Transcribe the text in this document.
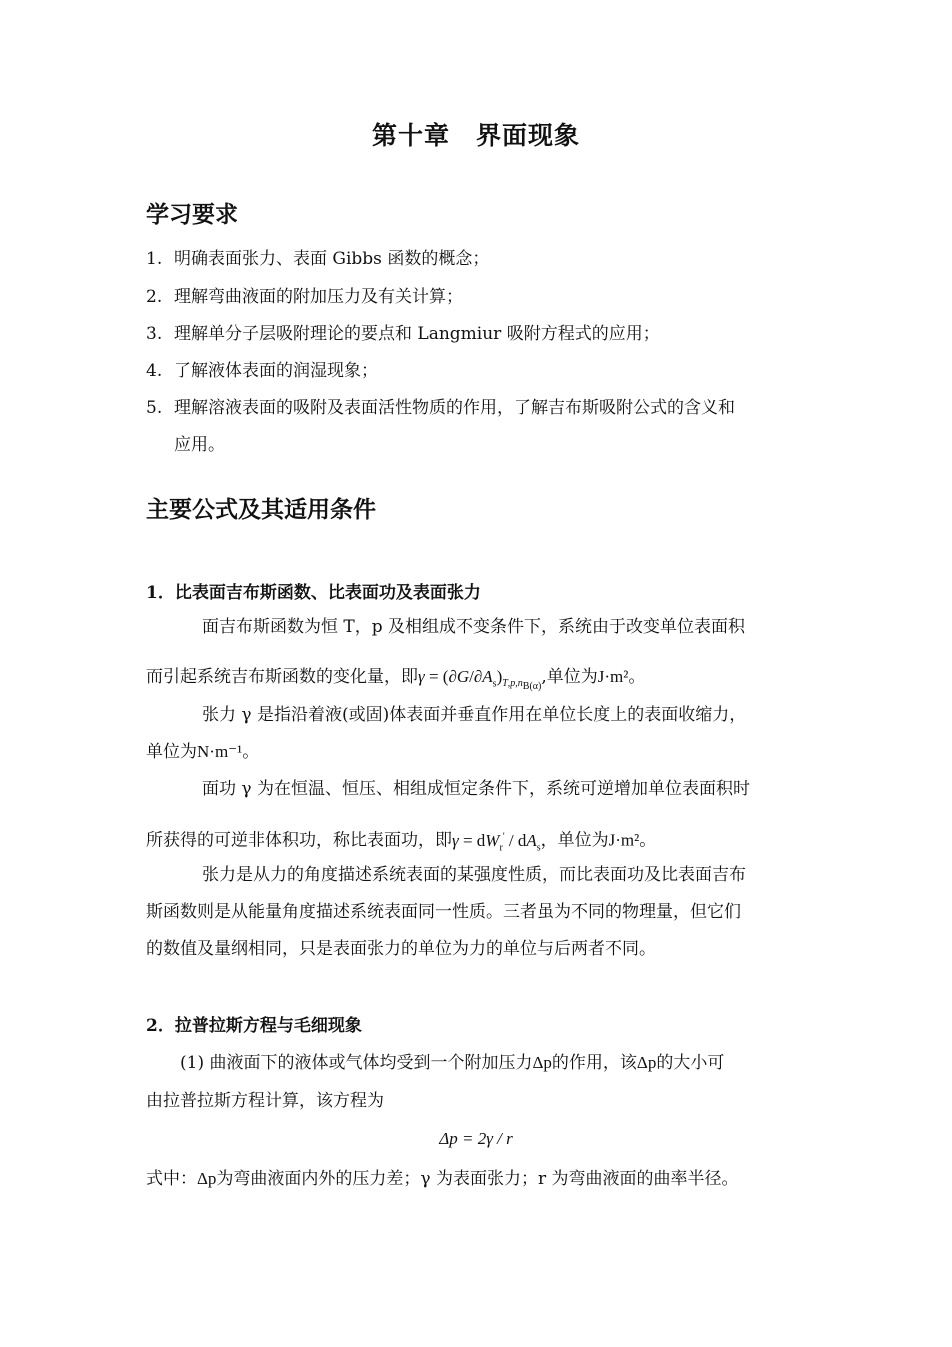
第十章 界面现象
学习要求
1. 明确表面张力、表面 Gibbs 函数的概念；
2. 理解弯曲液面的附加压力及有关计算；
3. 理解单分子层吸附理论的要点和 Langmiur 吸附方程式的应用；
4. 了解液体表面的润湿现象；
5. 理解溶液表面的吸附及表面活性物质的作用，了解吉布斯吸附公式的含义和
应用。
主要公式及其适用条件
1．比表面吉布斯函数、比表面功及表面张力
面吉布斯函数为恒 T，p 及相组成不变条件下，系统由于改变单位表面积
而引起系统吉布斯函数的变化量，即$\gamma = (\partial G/\partial A_s)_{T,p,n_{B(\alpha)}}$,单位为J·m²。
张力 γ 是指沿着液(或固)体表面并垂直作用在单位长度上的表面收缩力，
单位为N·m⁻¹。
面功 γ 为在恒温、恒压、相组成恒定条件下，系统可逆增加单位表面积时
所获得的可逆非体积功，称比表面功，即$\gamma = dW_r' / dA_s$，单位为J·m²。
张力是从力的角度描述系统表面的某强度性质，而比表面功及比表面吉布
斯函数则是从能量角度描述系统表面同一性质。三者虽为不同的物理量，但它们
的数值及量纲相同，只是表面张力的单位为力的单位与后两者不同。
2．拉普拉斯方程与毛细现象
(1) 曲液面下的液体或气体均受到一个附加压力Δp的作用，该Δp的大小可
由拉普拉斯方程计算，该方程为
Δp = 2γ / r
式中：Δp为弯曲液面内外的压力差；γ 为表面张力；r 为弯曲液面的曲率半径。
